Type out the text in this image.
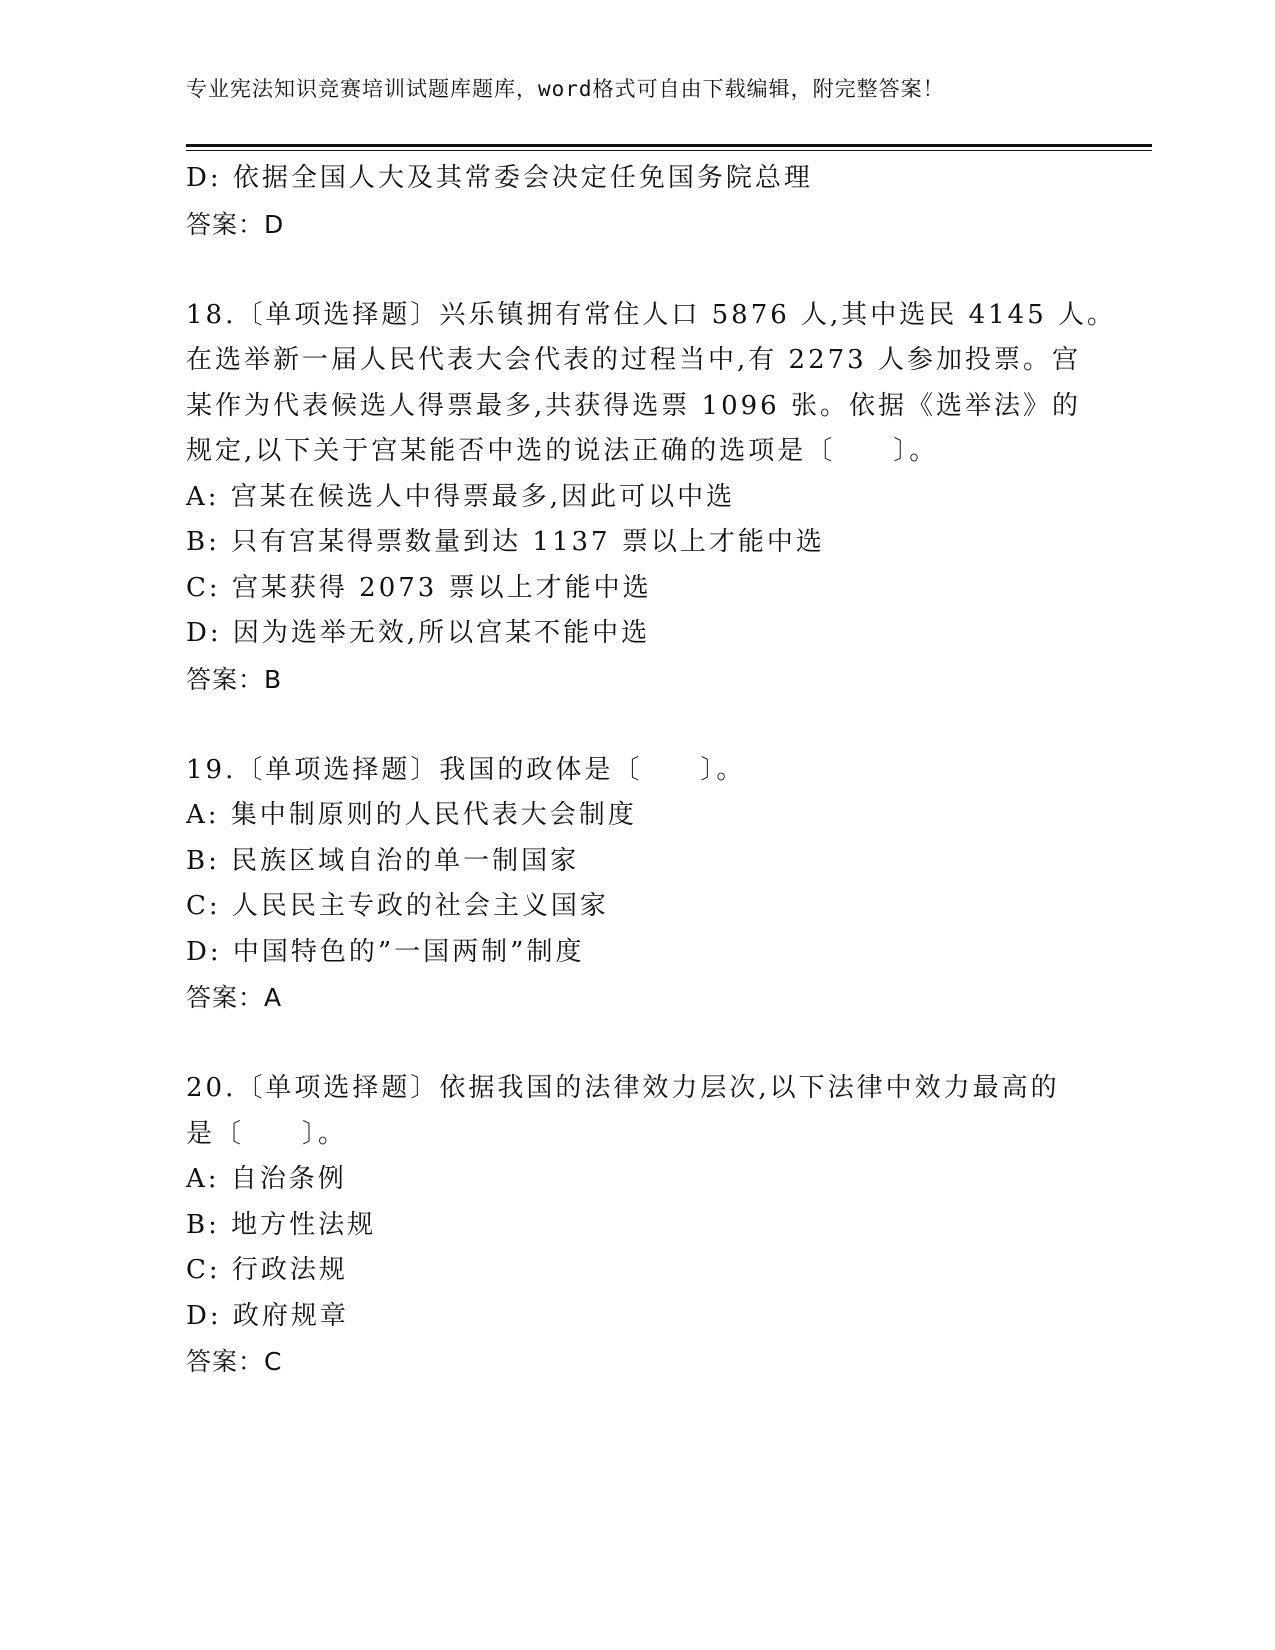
专业宪法知识竞赛培训试题库题库，word格式可自由下载编辑，附完整答案！
D: 依据全国人大及其常委会决定任免国务院总理
答案：D
18.〔单项选择题〕兴乐镇拥有常住人口 5876 人,其中选民 4145 人。
在选举新一届人民代表大会代表的过程当中,有 2273 人参加投票。宫
某作为代表候选人得票最多,共获得选票 1096 张。依据《选举法》的
规定,以下关于宫某能否中选的说法正确的选项是〔　　〕。
A: 宫某在候选人中得票最多,因此可以中选
B: 只有宫某得票数量到达 1137 票以上才能中选
C: 宫某获得 2073 票以上才能中选
D: 因为选举无效,所以宫某不能中选
答案：B
19.〔单项选择题〕我国的政体是〔　　〕。
A: 集中制原则的人民代表大会制度
B: 民族区域自治的单一制国家
C: 人民民主专政的社会主义国家
D: 中国特色的”一国两制”制度
答案：A
20.〔单项选择题〕依据我国的法律效力层次,以下法律中效力最高的
是〔　　〕。
A: 自治条例
B: 地方性法规
C: 行政法规
D: 政府规章
答案：C
